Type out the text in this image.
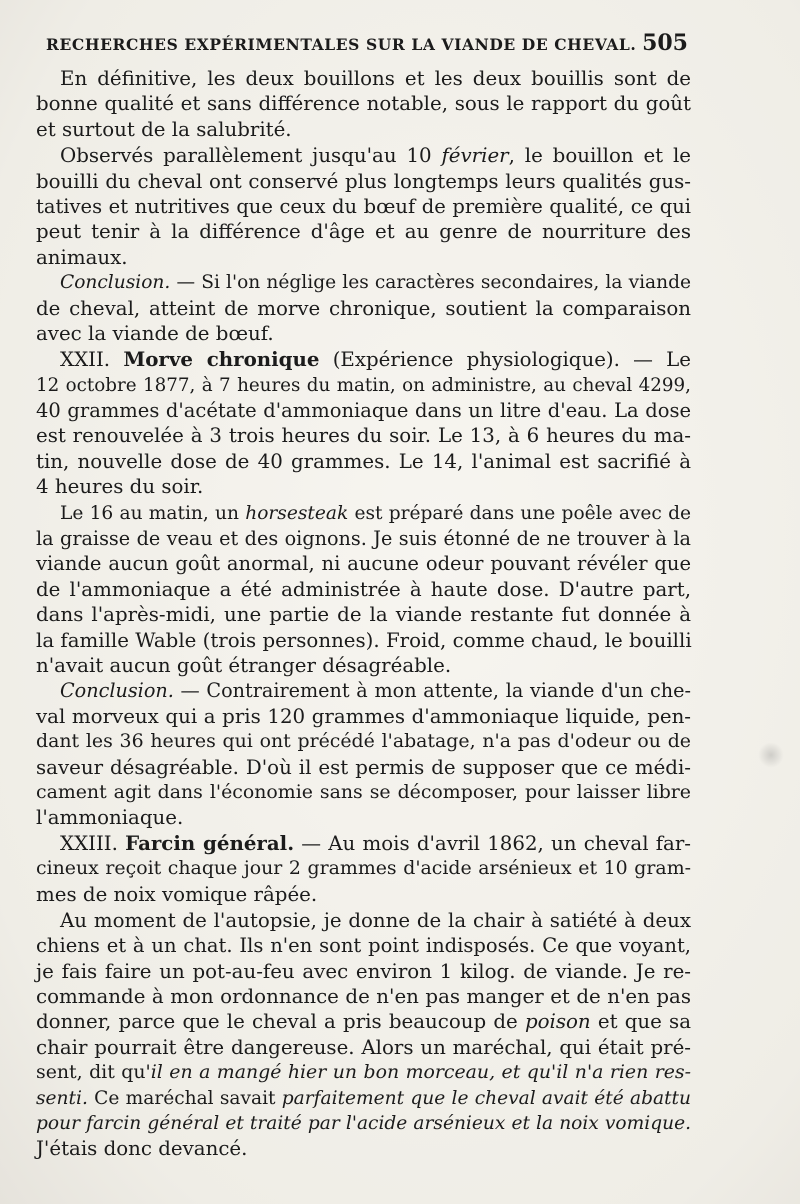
RECHERCHES EXPÉRIMENTALES SUR LA VIANDE DE CHEVAL. 505
En définitive, les deux bouillons et les deux bouillis sont de
bonne qualité et sans différence notable, sous le rapport du goût
et surtout de la salubrité.
Observés parallèlement jusqu'au 10 février, le bouillon et le
bouilli du cheval ont conservé plus longtemps leurs qualités gus-
tatives et nutritives que ceux du bœuf de première qualité, ce qui
peut tenir à la différence d'âge et au genre de nourriture des
animaux.
Conclusion. — Si l'on néglige les caractères secondaires, la viande
de cheval, atteint de morve chronique, soutient la comparaison
avec la viande de bœuf.
XXII. Morve chronique (Expérience physiologique). — Le
12 octobre 1877, à 7 heures du matin, on administre, au cheval 4299,
40 grammes d'acétate d'ammoniaque dans un litre d'eau. La dose
est renouvelée à 3 trois heures du soir. Le 13, à 6 heures du ma-
tin, nouvelle dose de 40 grammes. Le 14, l'animal est sacrifié à
4 heures du soir.
Le 16 au matin, un horsesteak est préparé dans une poêle avec de
la graisse de veau et des oignons. Je suis étonné de ne trouver à la
viande aucun goût anormal, ni aucune odeur pouvant révéler que
de l'ammoniaque a été administrée à haute dose. D'autre part,
dans l'après-midi, une partie de la viande restante fut donnée à
la famille Wable (trois personnes). Froid, comme chaud, le bouilli
n'avait aucun goût étranger désagréable.
Conclusion. — Contrairement à mon attente, la viande d'un che-
val morveux qui a pris 120 grammes d'ammoniaque liquide, pen-
dant les 36 heures qui ont précédé l'abatage, n'a pas d'odeur ou de
saveur désagréable. D'où il est permis de supposer que ce médi-
cament agit dans l'économie sans se décomposer, pour laisser libre
l'ammoniaque.
XXIII. Farcin général. — Au mois d'avril 1862, un cheval far-
cineux reçoit chaque jour 2 grammes d'acide arsénieux et 10 gram-
mes de noix vomique râpée.
Au moment de l'autopsie, je donne de la chair à satiété à deux
chiens et à un chat. Ils n'en sont point indisposés. Ce que voyant,
je fais faire un pot-au-feu avec environ 1 kilog. de viande. Je re-
commande à mon ordonnance de n'en pas manger et de n'en pas
donner, parce que le cheval a pris beaucoup de poison et que sa
chair pourrait être dangereuse. Alors un maréchal, qui était pré-
sent, dit qu'il en a mangé hier un bon morceau, et qu'il n'a rien res-
senti. Ce maréchal savait parfaitement que le cheval avait été abattu
pour farcin général et traité par l'acide arsénieux et la noix vomique.
J'étais donc devancé.
